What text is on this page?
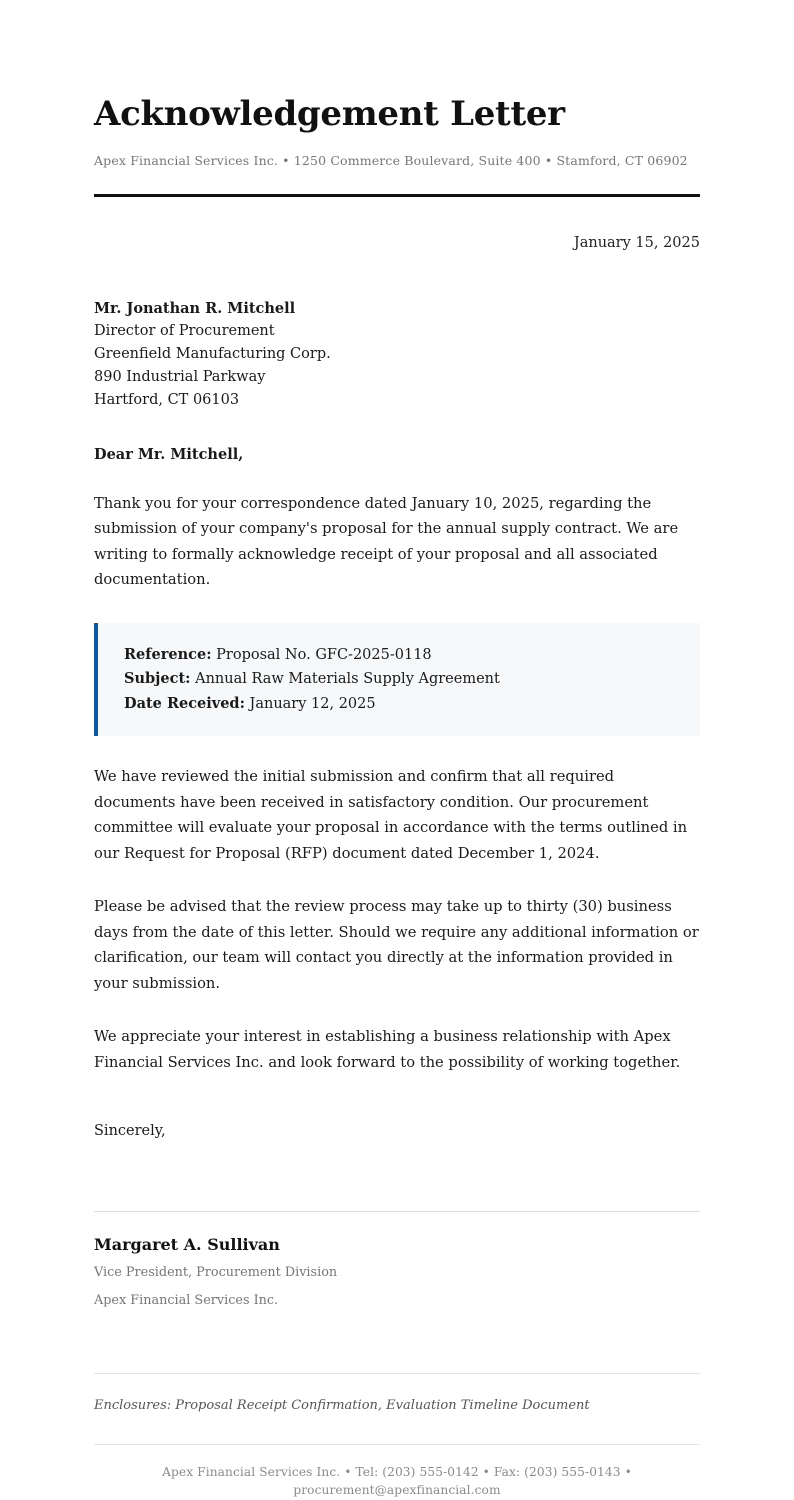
Acknowledgement Letter

Apex Financial Services Inc. • 1250 Commerce Boulevard, Suite 400 • Stamford, CT 06902

January 15, 2025

Mr. Jonathan R. Mitchell
Director of Procurement
Greenfield Manufacturing Corp.
890 Industrial Parkway
Hartford, CT 06103

Dear Mr. Mitchell,

Thank you for your correspondence dated January 10, 2025, regarding the submission of your company's proposal for the annual supply contract. We are writing to formally acknowledge receipt of your proposal and all associated documentation.

Reference: Proposal No. GFC-2025-0118
Subject: Annual Raw Materials Supply Agreement
Date Received: January 12, 2025

We have reviewed the initial submission and confirm that all required documents have been received in satisfactory condition. Our procurement committee will evaluate your proposal in accordance with the terms outlined in our Request for Proposal (RFP) document dated December 1, 2024.

Please be advised that the review process may take up to thirty (30) business days from the date of this letter. Should we require any additional information or clarification, our team will contact you directly at the information provided in your submission.

We appreciate your interest in establishing a business relationship with Apex Financial Services Inc. and look forward to the possibility of working together.

Sincerely,

Margaret A. Sullivan

Vice President, Procurement Division

Apex Financial Services Inc.

Enclosures: Proposal Receipt Confirmation, Evaluation Timeline Document

Apex Financial Services Inc. • Tel: (203) 555-0142 • Fax: (203) 555-0143 • procurement@apexfinancial.com
